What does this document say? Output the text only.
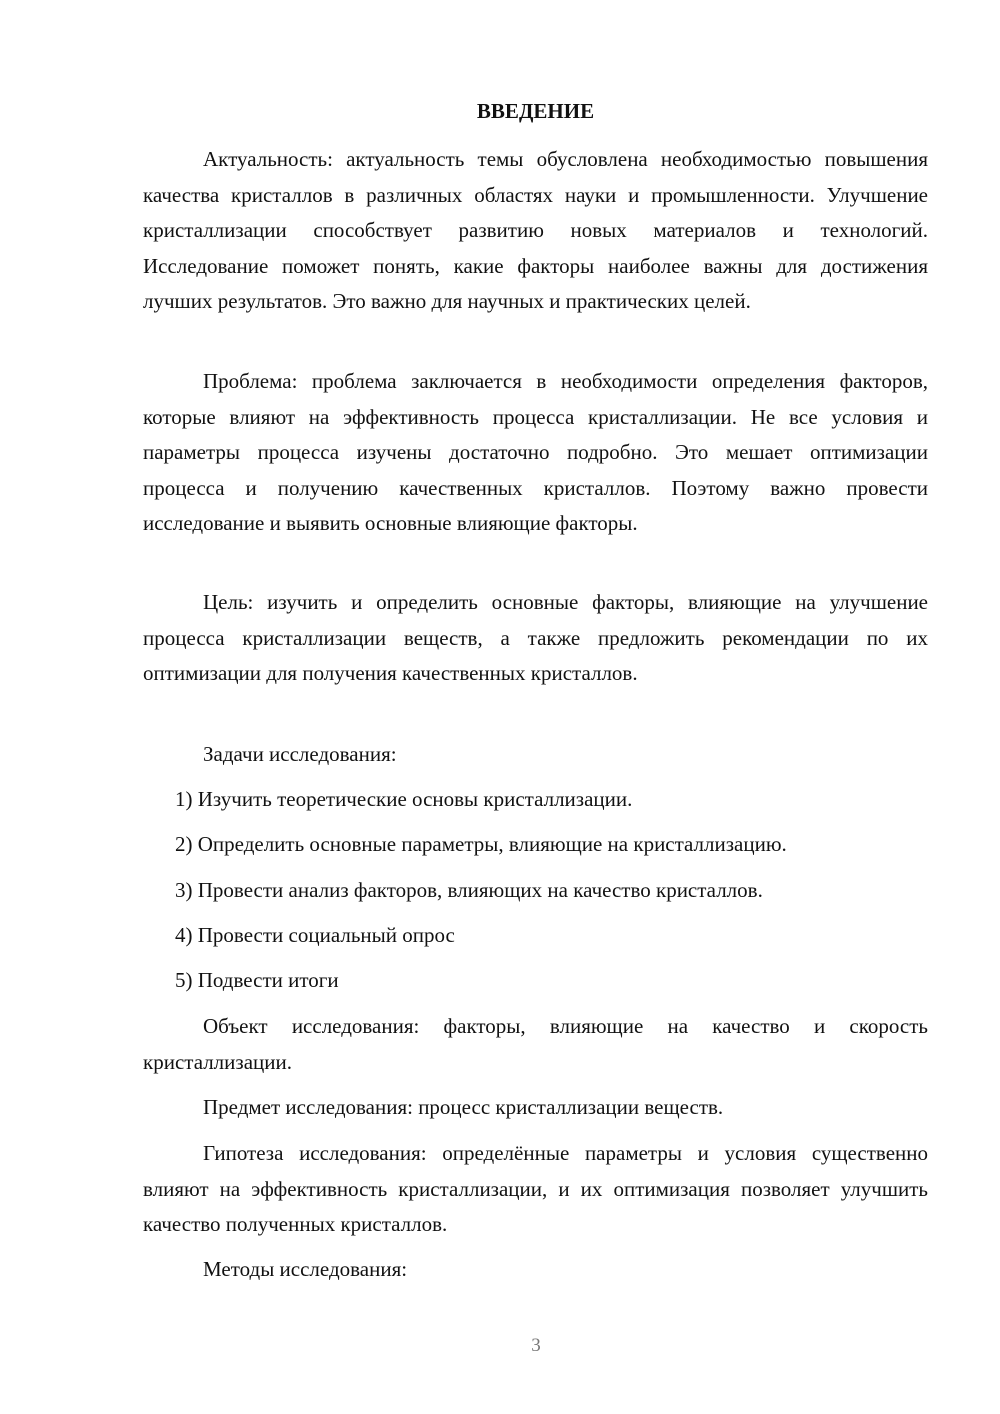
ВВЕДЕНИЕ

Актуальность: актуальность темы обусловлена необходимостью повышения качества кристаллов в различных областях науки и промышленности. Улучшение кристаллизации способствует развитию новых материалов и технологий. Исследование поможет понять, какие факторы наиболее важны для достижения лучших результатов. Это важно для научных и практических целей.

Проблема: проблема заключается в необходимости определения факторов, которые влияют на эффективность процесса кристаллизации. Не все условия и параметры процесса изучены достаточно подробно. Это мешает оптимизации процесса и получению качественных кристаллов. Поэтому важно провести исследование и выявить основные влияющие факторы.

Цель: изучить и определить основные факторы, влияющие на улучшение процесса кристаллизации веществ, а также предложить рекомендации по их оптимизации для получения качественных кристаллов.

Задачи исследования:

1) Изучить теоретические основы кристаллизации.

2) Определить основные параметры, влияющие на кристаллизацию.

3) Провести анализ факторов, влияющих на качество кристаллов.

4) Провести социальный опрос

5) Подвести итоги

Объект исследования: факторы, влияющие на качество и скорость кристаллизации.

Предмет исследования: процесс кристаллизации веществ.

Гипотеза исследования: определённые параметры и условия существенно влияют на эффективность кристаллизации, и их оптимизация позволяет улучшить качество полученных кристаллов.

Методы исследования:

3
